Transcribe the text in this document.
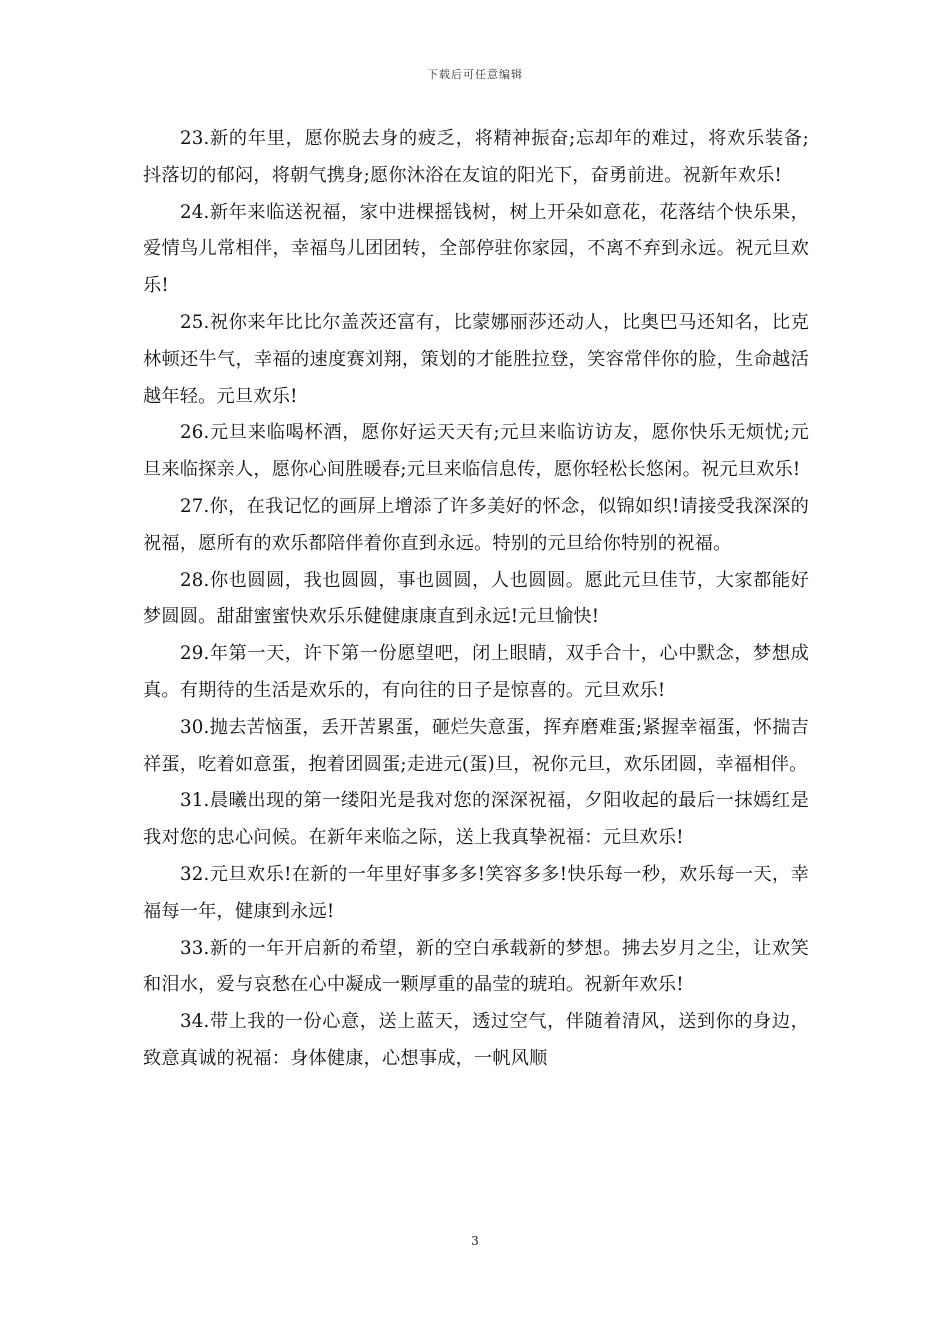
下载后可任意编辑

23.新的年里，愿你脱去身的疲乏，将精神振奋;忘却年的难过，将欢乐装备;抖落切的郁闷，将朝气携身;愿你沐浴在友谊的阳光下，奋勇前进。祝新年欢乐!

24.新年来临送祝福，家中进棵摇钱树，树上开朵如意花，花落结个快乐果，爱情鸟儿常相伴，幸福鸟儿团团转，全部停驻你家园，不离不弃到永远。祝元旦欢乐!

25.祝你来年比比尔盖茨还富有，比蒙娜丽莎还动人，比奥巴马还知名，比克林顿还牛气，幸福的速度赛刘翔，策划的才能胜拉登，笑容常伴你的脸，生命越活越年轻。元旦欢乐!

26.元旦来临喝杯酒，愿你好运天天有;元旦来临访访友，愿你快乐无烦忧;元旦来临探亲人，愿你心间胜暖春;元旦来临信息传，愿你轻松长悠闲。祝元旦欢乐!

27.你，在我记忆的画屏上增添了许多美好的怀念，似锦如织!请接受我深深的祝福，愿所有的欢乐都陪伴着你直到永远。特别的元旦给你特别的祝福。

28.你也圆圆，我也圆圆，事也圆圆，人也圆圆。愿此元旦佳节，大家都能好梦圆圆。甜甜蜜蜜快欢乐乐健健康康直到永远!元旦愉快!

29.年第一天，许下第一份愿望吧，闭上眼睛，双手合十，心中默念，梦想成真。有期待的生活是欢乐的，有向往的日子是惊喜的。元旦欢乐!

30.抛去苦恼蛋，丢开苦累蛋，砸烂失意蛋，挥弃磨难蛋;紧握幸福蛋，怀揣吉祥蛋，吃着如意蛋，抱着团圆蛋;走进元(蛋)旦，祝你元旦，欢乐团圆，幸福相伴。

31.晨曦出现的第一缕阳光是我对您的深深祝福，夕阳收起的最后一抹嫣红是我对您的忠心问候。在新年来临之际，送上我真挚祝福：元旦欢乐!

32.元旦欢乐!在新的一年里好事多多!笑容多多!快乐每一秒，欢乐每一天，幸福每一年，健康到永远!

33.新的一年开启新的希望，新的空白承载新的梦想。拂去岁月之尘，让欢笑和泪水，爱与哀愁在心中凝成一颗厚重的晶莹的琥珀。祝新年欢乐!

34.带上我的一份心意，送上蓝天，透过空气，伴随着清风，送到你的身边，致意真诚的祝福：身体健康，心想事成，一帆风顺

3
